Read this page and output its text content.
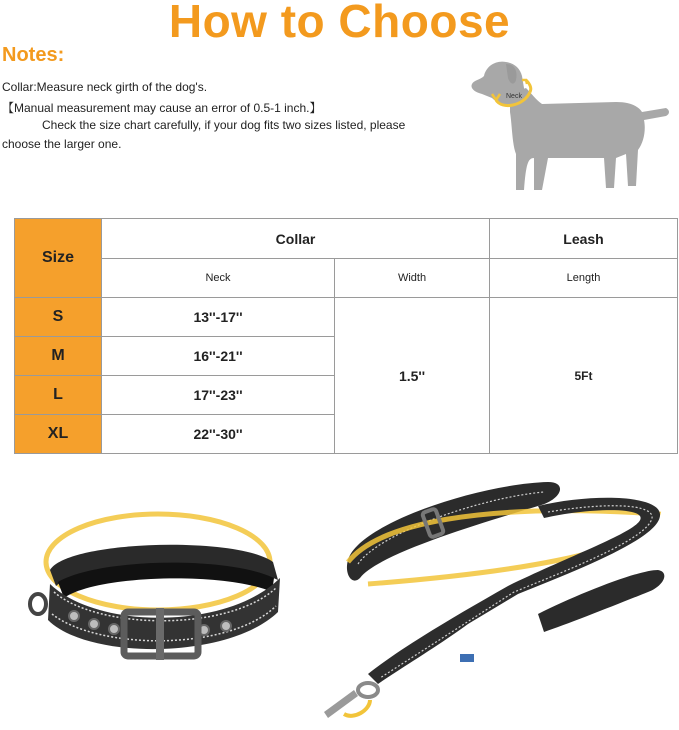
How to Choose
Notes:
Collar:Measure neck girth of the dog's.
【Manual measurement may cause an error of 0.5-1 inch.】
Check the size chart carefully, if your dog fits two sizes listed, please
choose the larger one.
Neck
Size	Collar		Leash
	Neck	Width	Length
S	13''-17''	1.5''	5Ft
M	16''-21''		
L	17''-23''		
XL	22''-30''		
